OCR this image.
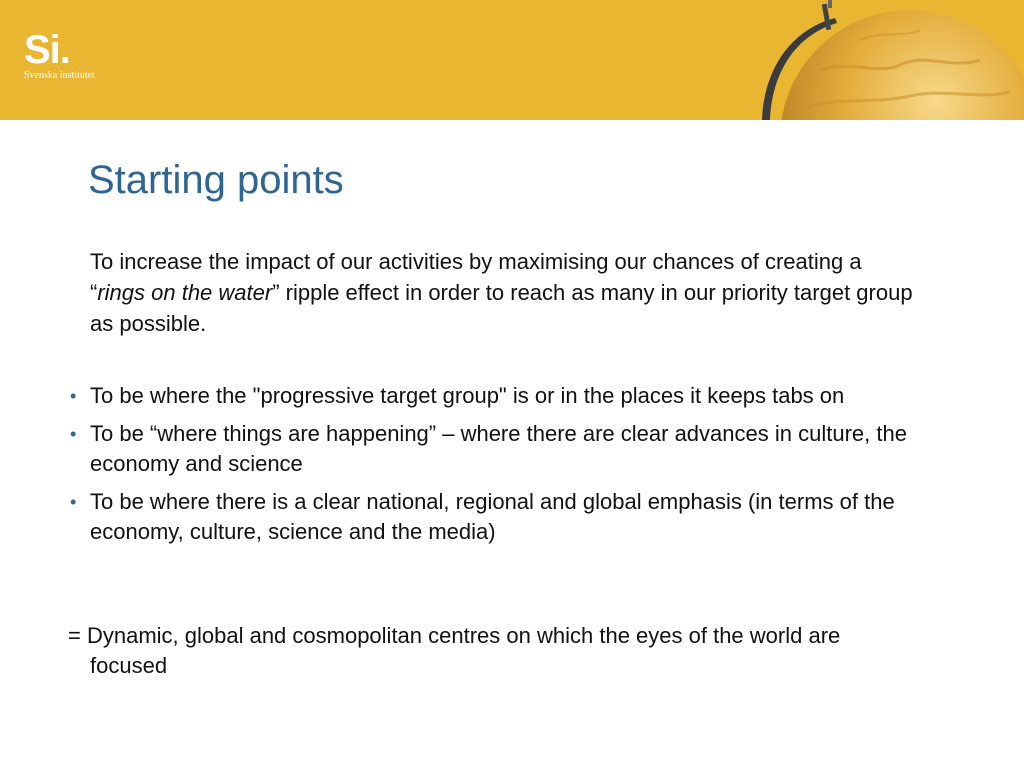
Si.
Svenska institutet
Starting points

To increase the impact of our activities by maximising our chances of creating a “rings on the water” ripple effect in order to reach as many in our priority target group as possible.

• To be where the "progressive target group" is or in the places it keeps tabs on
• To be “where things are happening” – where there are clear advances in culture, the economy and science
• To be where there is a clear national, regional and global emphasis (in terms of the economy, culture, science and the media)

= Dynamic, global and cosmopolitan centres on which the eyes of the world are focused
